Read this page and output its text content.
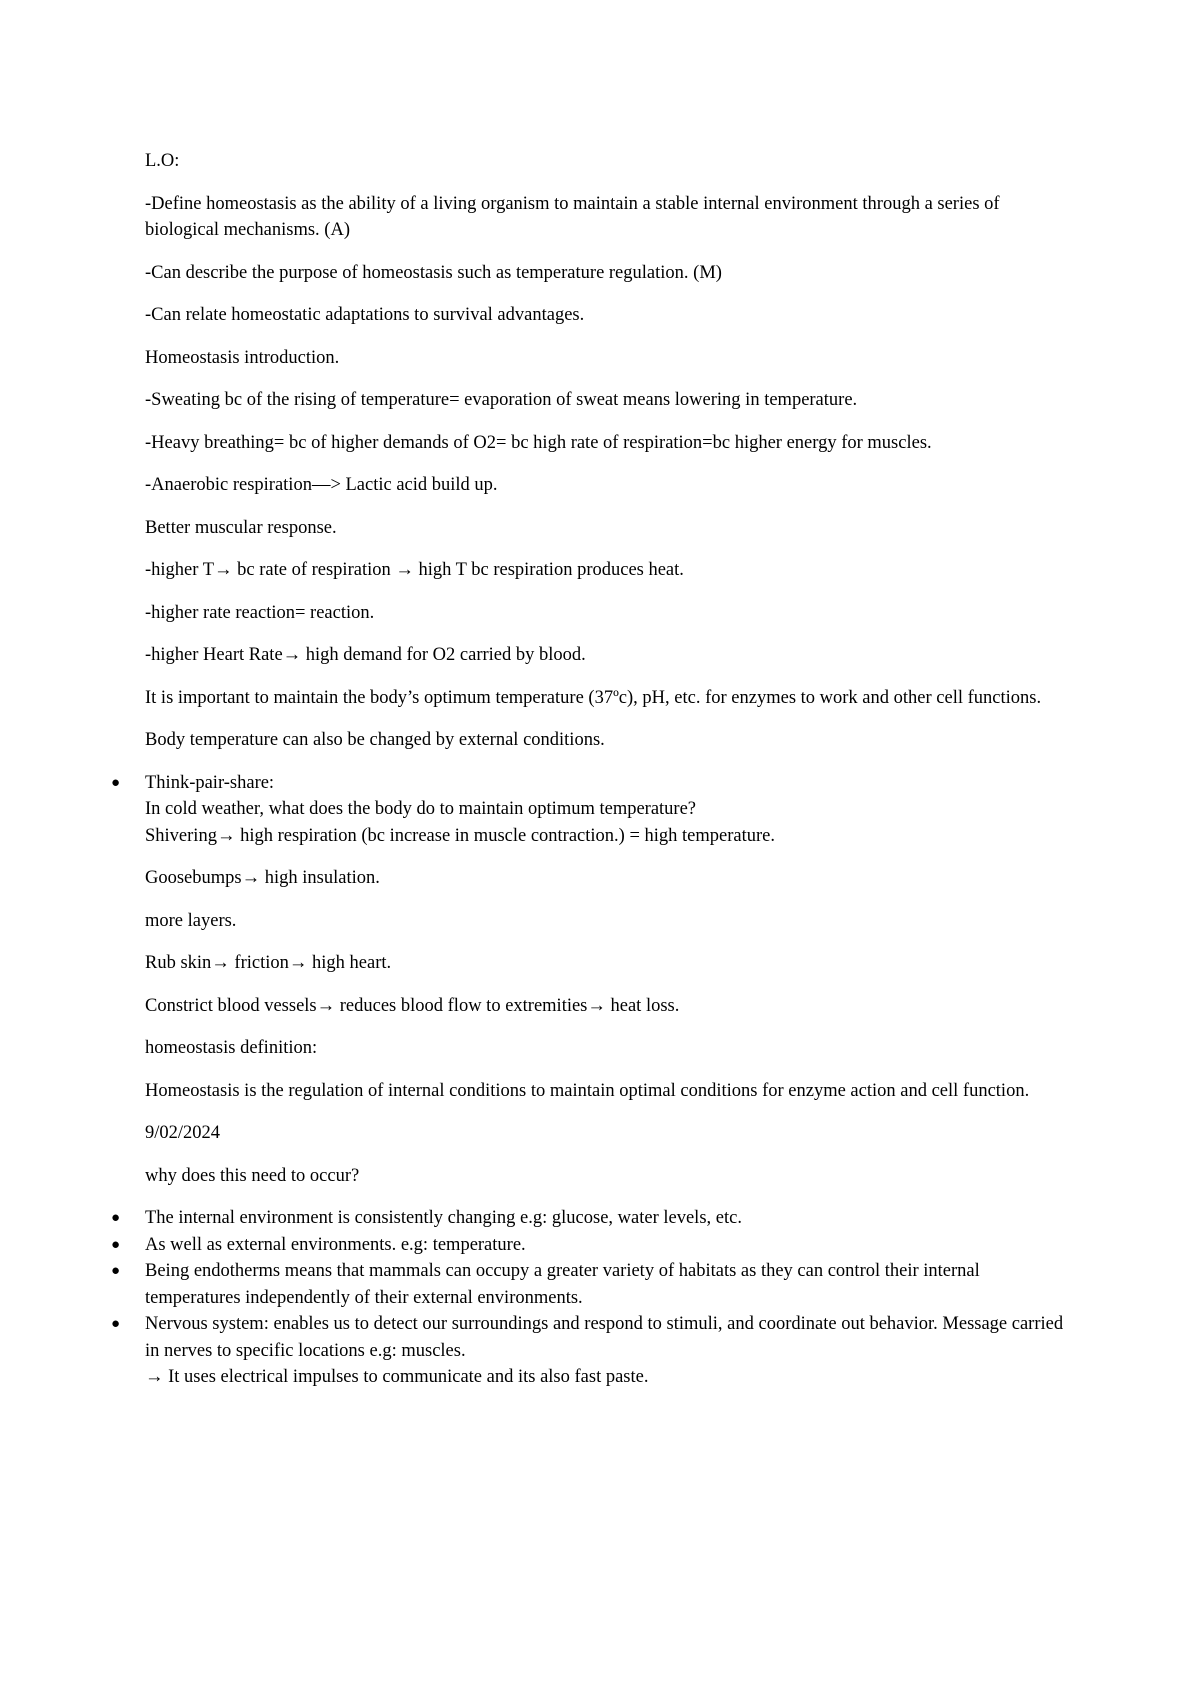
L.O:

-Define homeostasis as the ability of a living organism to maintain a stable internal environment through a series of biological mechanisms. (A)

-Can describe the purpose of homeostasis such as temperature regulation. (M)

-Can relate homeostatic adaptations to survival advantages.

Homeostasis introduction.

-Sweating bc of the rising of temperature= evaporation of sweat means lowering in temperature.

-Heavy breathing= bc of higher demands of O2= bc high rate of respiration=bc higher energy for muscles.

-Anaerobic respiration—> Lactic acid build up.

Better muscular response.

-higher T→ bc rate of respiration → high T bc respiration produces heat.

-higher rate reaction= reaction.

-higher Heart Rate→ high demand for O2 carried by blood.

It is important to maintain the body’s optimum temperature (37ºc), pH, etc. for enzymes to work and other cell functions.

Body temperature can also be changed by external conditions.

● Think-pair-share:
In cold weather, what does the body do to maintain optimum temperature?

Shivering→ high respiration (bc increase in muscle contraction.) = high temperature.

Goosebumps→ high insulation.

more layers.

Rub skin→ friction→ high heart.

Constrict blood vessels→ reduces blood flow to extremities→ heat loss.

homeostasis definition:

Homeostasis is the regulation of internal conditions to maintain optimal conditions for enzyme action and cell function.

9/02/2024

why does this need to occur?

● The internal environment is consistently changing e.g: glucose, water levels, etc.
● As well as external environments. e.g: temperature.
● Being endotherms means that mammals can occupy a greater variety of habitats as they can control their internal temperatures independently of their external environments.
● Nervous system: enables us to detect our surroundings and respond to stimuli, and coordinate out behavior. Message carried in nerves to specific locations e.g: muscles.
→ It uses electrical impulses to communicate and its also fast paste.
